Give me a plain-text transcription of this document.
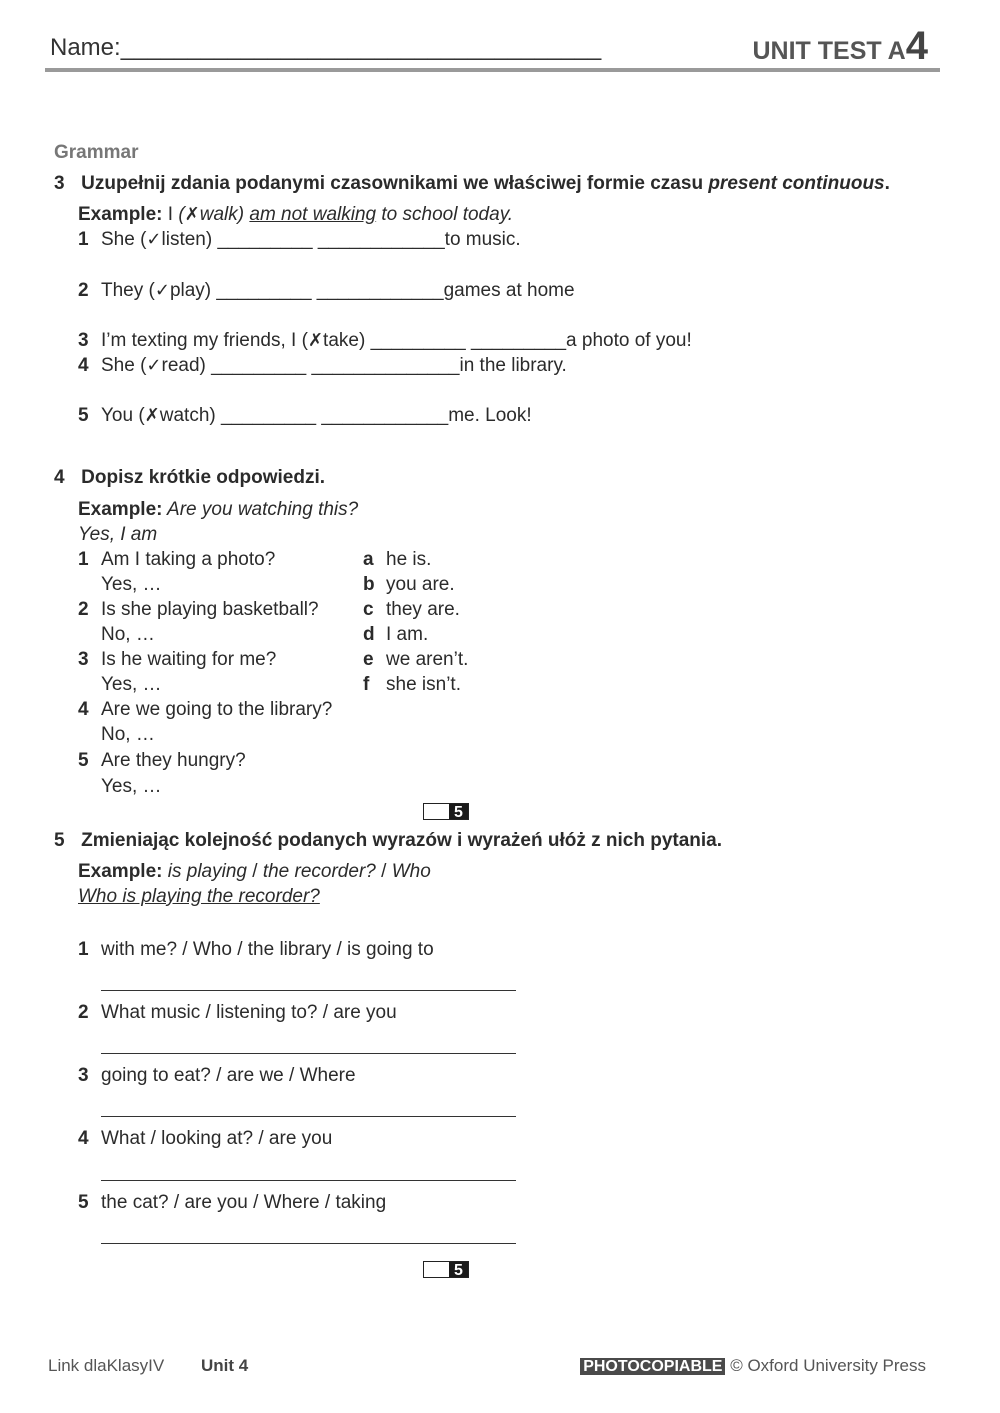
Name:____________________________________	UNIT TEST A4
Grammar
3 Uzupełnij zdania podanymi czasownikami we właściwej formie czasu present continuous.
Example: I (✗walk) am not walking to school today.
1 She (✓listen) _________ ____________to music.
2 They (✓play) _________ ____________games at home
3 I’m texting my friends, I (✗take) _________ _________a photo of you!
4 She (✓read) _________ ______________in the library.
5 You (✗watch) _________ ____________me. Look!
4 Dopisz krótkie odpowiedzi.
Example: Are you watching this?
Yes, I am
1 Am I taking a photo?
Yes, …
2 Is she playing basketball?
No, …
3 Is he waiting for me?
Yes, …
4 Are we going to the library?
No, …
5 Are they hungry?
Yes, …
a he is.
b you are.
c they are.
d I am.
e we aren’t.
f she isn’t.
5
5 Zmieniając kolejność podanych wyrazów i wyrażeń ułóż z nich pytania.
Example: is playing / the recorder? / Who
Who is playing the recorder?
1 with me? / Who / the library / is going to
2 What music / listening to? / are you
3 going to eat? / are we / Where
4 What / looking at? / are you
5 the cat? / are you / Where / taking
5
Link dlaKlasyIV Unit 4	PHOTOCOPIABLE © Oxford University Press
